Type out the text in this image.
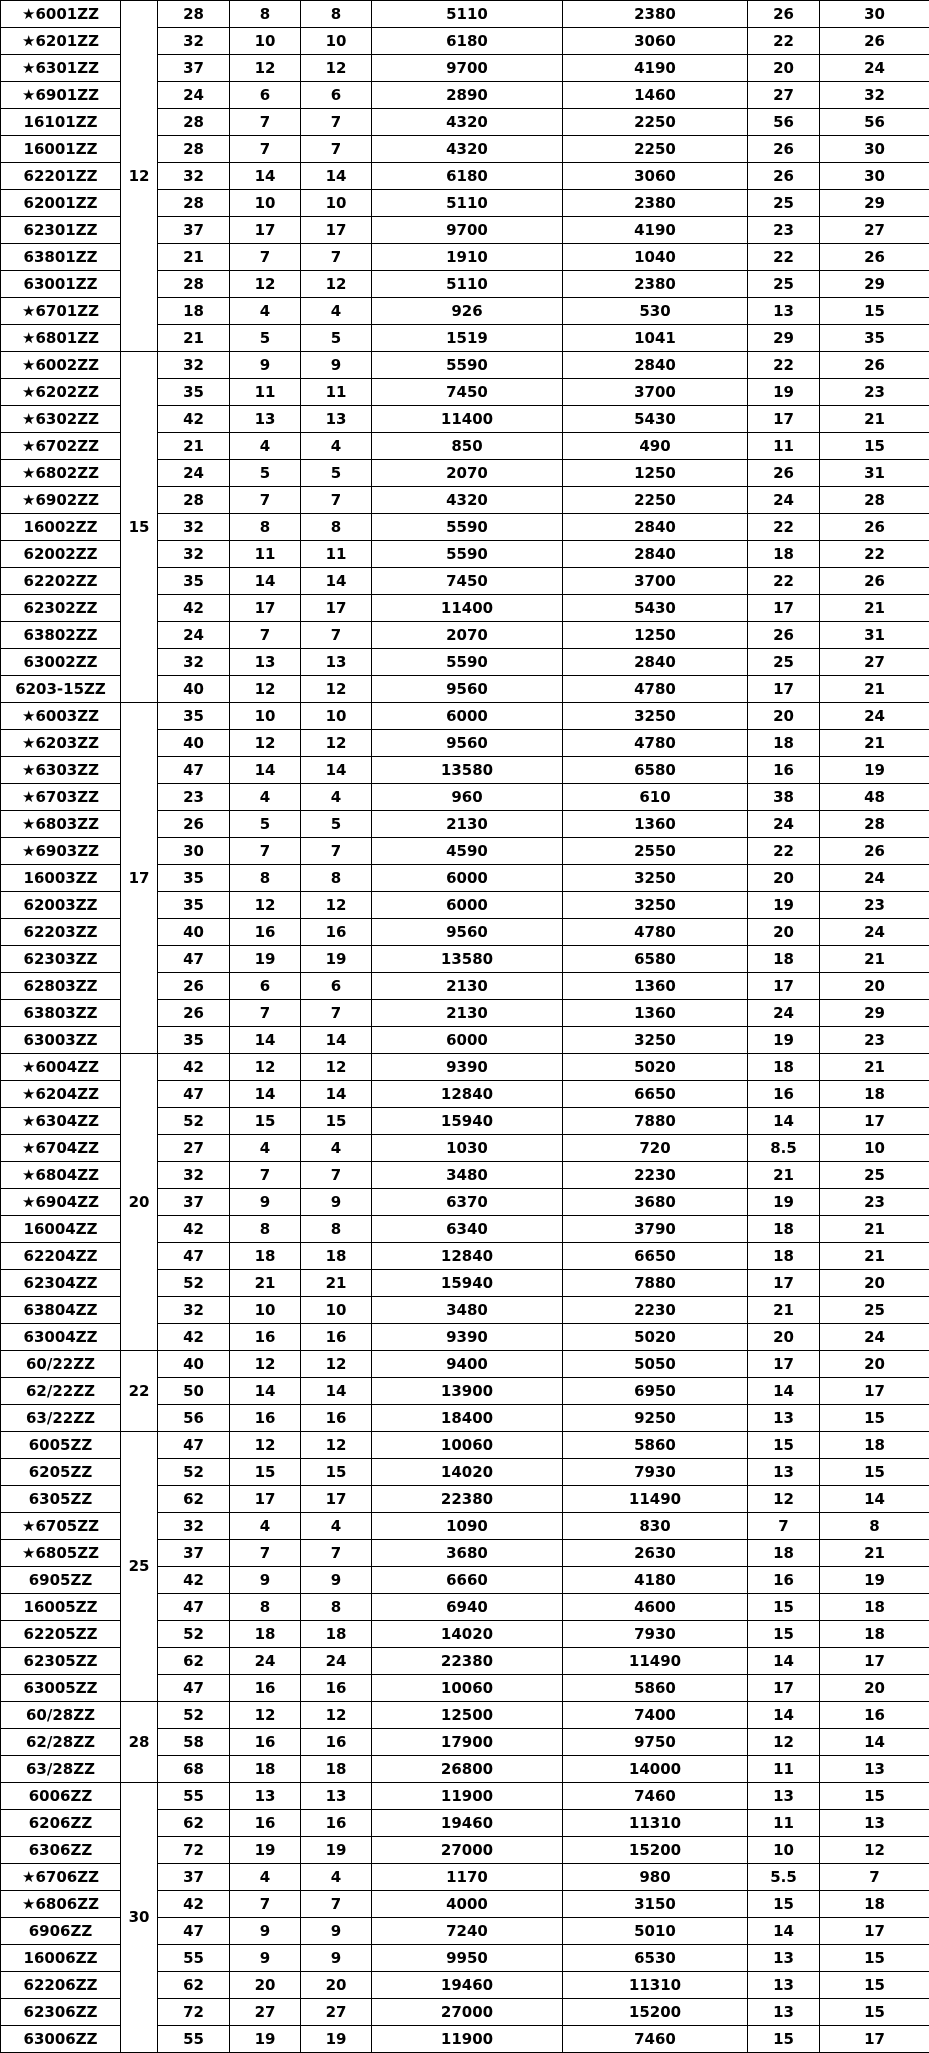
★6001ZZ	12	28	8	8	5110	2380	26	30
★6201ZZ		32	10	10	6180	3060	22	26
★6301ZZ		37	12	12	9700	4190	20	24
★6901ZZ		24	6	6	2890	1460	27	32
16101ZZ		28	7	7	4320	2250	56	56
16001ZZ		28	7	7	4320	2250	26	30
62201ZZ		32	14	14	6180	3060	26	30
62001ZZ		28	10	10	5110	2380	25	29
62301ZZ		37	17	17	9700	4190	23	27
63801ZZ		21	7	7	1910	1040	22	26
63001ZZ		28	12	12	5110	2380	25	29
★6701ZZ		18	4	4	926	530	13	15
★6801ZZ		21	5	5	1519	1041	29	35
★6002ZZ	15	32	9	9	5590	2840	22	26
★6202ZZ		35	11	11	7450	3700	19	23
★6302ZZ		42	13	13	11400	5430	17	21
★6702ZZ		21	4	4	850	490	11	15
★6802ZZ		24	5	5	2070	1250	26	31
★6902ZZ		28	7	7	4320	2250	24	28
16002ZZ		32	8	8	5590	2840	22	26
62002ZZ		32	11	11	5590	2840	18	22
62202ZZ		35	14	14	7450	3700	22	26
62302ZZ		42	17	17	11400	5430	17	21
63802ZZ		24	7	7	2070	1250	26	31
63002ZZ		32	13	13	5590	2840	25	27
6203-15ZZ		40	12	12	9560	4780	17	21
★6003ZZ	17	35	10	10	6000	3250	20	24
★6203ZZ		40	12	12	9560	4780	18	21
★6303ZZ		47	14	14	13580	6580	16	19
★6703ZZ		23	4	4	960	610	38	48
★6803ZZ		26	5	5	2130	1360	24	28
★6903ZZ		30	7	7	4590	2550	22	26
16003ZZ		35	8	8	6000	3250	20	24
62003ZZ		35	12	12	6000	3250	19	23
62203ZZ		40	16	16	9560	4780	20	24
62303ZZ		47	19	19	13580	6580	18	21
62803ZZ		26	6	6	2130	1360	17	20
63803ZZ		26	7	7	2130	1360	24	29
63003ZZ		35	14	14	6000	3250	19	23
★6004ZZ	20	42	12	12	9390	5020	18	21
★6204ZZ		47	14	14	12840	6650	16	18
★6304ZZ		52	15	15	15940	7880	14	17
★6704ZZ		27	4	4	1030	720	8.5	10
★6804ZZ		32	7	7	3480	2230	21	25
★6904ZZ		37	9	9	6370	3680	19	23
16004ZZ		42	8	8	6340	3790	18	21
62204ZZ		47	18	18	12840	6650	18	21
62304ZZ		52	21	21	15940	7880	17	20
63804ZZ		32	10	10	3480	2230	21	25
63004ZZ		42	16	16	9390	5020	20	24
60/22ZZ	22	40	12	12	9400	5050	17	20
62/22ZZ		50	14	14	13900	6950	14	17
63/22ZZ		56	16	16	18400	9250	13	15
6005ZZ	25	47	12	12	10060	5860	15	18
6205ZZ		52	15	15	14020	7930	13	15
6305ZZ		62	17	17	22380	11490	12	14
★6705ZZ		32	4	4	1090	830	7	8
★6805ZZ		37	7	7	3680	2630	18	21
6905ZZ		42	9	9	6660	4180	16	19
16005ZZ		47	8	8	6940	4600	15	18
62205ZZ		52	18	18	14020	7930	15	18
62305ZZ		62	24	24	22380	11490	14	17
63005ZZ		47	16	16	10060	5860	17	20
60/28ZZ	28	52	12	12	12500	7400	14	16
62/28ZZ		58	16	16	17900	9750	12	14
63/28ZZ		68	18	18	26800	14000	11	13
6006ZZ	30	55	13	13	11900	7460	13	15
6206ZZ		62	16	16	19460	11310	11	13
6306ZZ		72	19	19	27000	15200	10	12
★6706ZZ		37	4	4	1170	980	5.5	7
★6806ZZ		42	7	7	4000	3150	15	18
6906ZZ		47	9	9	7240	5010	14	17
16006ZZ		55	9	9	9950	6530	13	15
62206ZZ		62	20	20	19460	11310	13	15
62306ZZ		72	27	27	27000	15200	13	15
63006ZZ		55	19	19	11900	7460	15	17
